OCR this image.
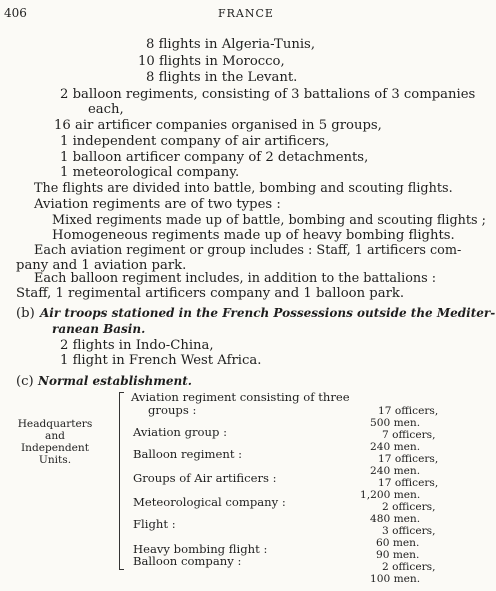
406	FRANCE
8 flights in Algeria-Tunis,
10 flights in Morocco,
8 flights in the Levant.
2 balloon regiments, consisting of 3 battalions of 3 companies
each,
16 air artificer companies organised in 5 groups,
1 independent company of air artificers,
1 balloon artificer company of 2 detachments,
1 meteorological company.
The flights are divided into battle, bombing and scouting flights.
Aviation regiments are of two types :
Mixed regiments made up of battle, bombing and scouting flights ;
Homogeneous regiments made up of heavy bombing flights.
Each aviation regiment or group includes : Staff, 1 artificers com-
pany and 1 aviation park.
Each balloon regiment includes, in addition to the battalions :
Staff, 1 regimental artificers company and 1 balloon park.
(b) Air troops stationed in the French Possessions outside the Mediter-
ranean Basin.
2 flights in Indo-China,
1 flight in French West Africa.
(c) Normal establishment.
Headquarters
and
Independent
Units.
Aviation regiment consisting of three
groups :
Aviation group :
Balloon regiment :
Groups of Air artificers :
Meteorological company :
Flight :
Heavy bombing flight :
Balloon company :
17 officers,
500 men.
7 officers,
240 men.
17 officers,
240 men.
17 officers,
1,200 men.
2 officers,
480 men.
3 officers,
60 men.
90 men.
2 officers,
100 men.
